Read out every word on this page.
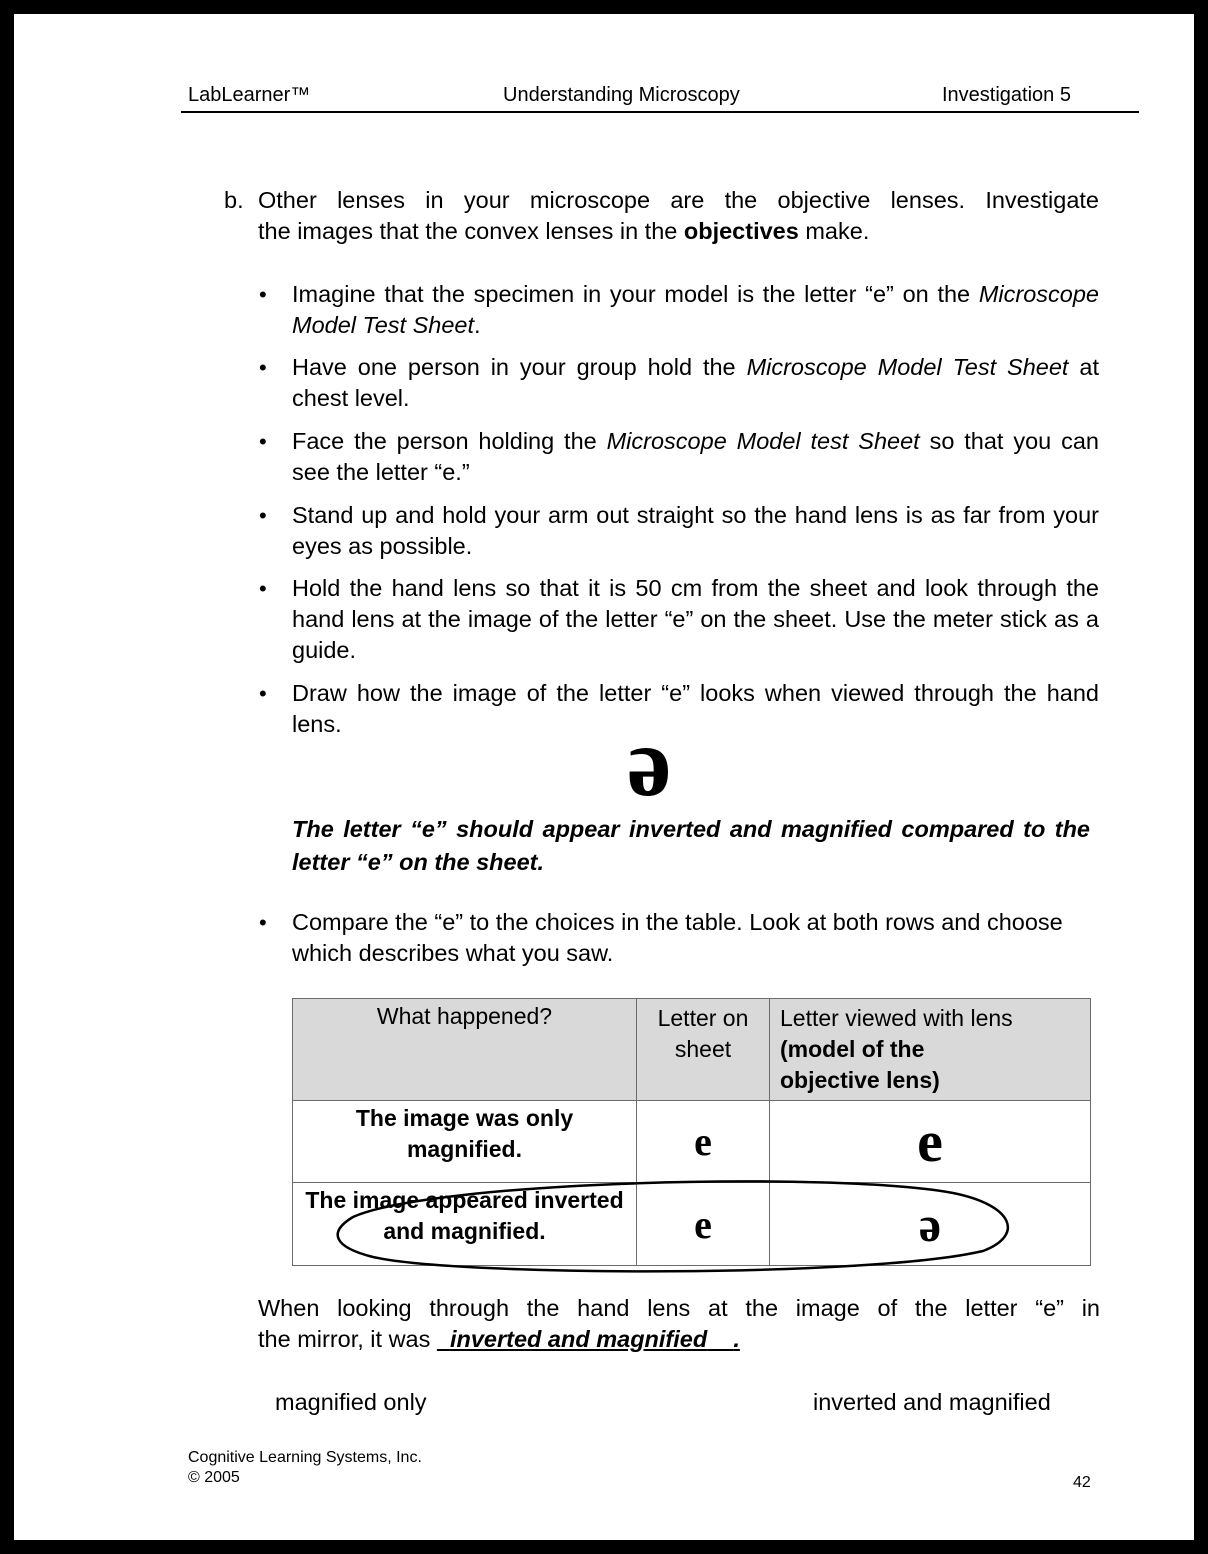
LabLearner™	Understanding Microscopy	Investigation 5
b. Other lenses in your microscope are the objective lenses. Investigate
the images that the convex lenses in the objectives make.
• Imagine that the specimen in your model is the letter “e” on the Microscope Model Test Sheet.
• Have one person in your group hold the Microscope Model Test Sheet at chest level.
• Face the person holding the Microscope Model test Sheet so that you can see the letter “e.”
• Stand up and hold your arm out straight so the hand lens is as far from your eyes as possible.
• Hold the hand lens so that it is 50 cm from the sheet and look through the hand lens at the image of the letter “e” on the sheet. Use the meter stick as a guide.
• Draw how the image of the letter “e” looks when viewed through the hand lens.	ə
The letter “e” should appear inverted and magnified compared to the letter “e” on the sheet.
• Compare the “e” to the choices in the table. Look at both rows and choose which describes what you saw.
What happened?	Letter on sheet	Letter viewed with lens
(model of the objective lens)

The image was only magnified.	e	e

The image appeared inverted and magnified.	e	ə
When looking through the hand lens at the image of the letter “e” in
the mirror, it was   inverted and magnified .
magnified only	inverted and magnified
Cognitive Learning Systems, Inc.
© 2005	42
